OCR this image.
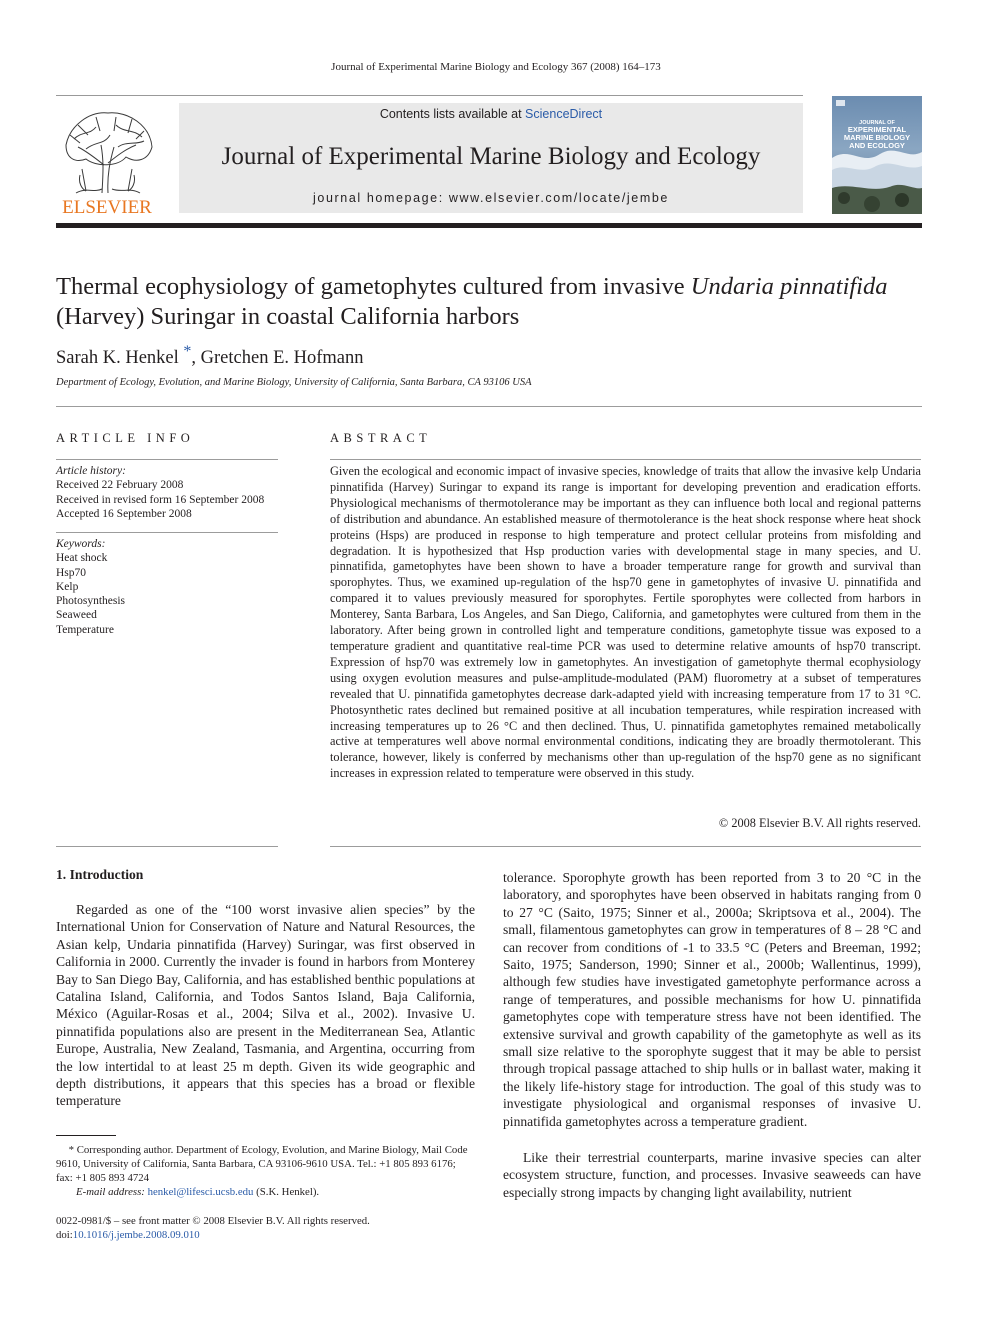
Journal of Experimental Marine Biology and Ecology 367 (2008) 164–173
ELSEVIER
Contents lists available at ScienceDirect
Journal of Experimental Marine Biology and Ecology
journal homepage: www.elsevier.com/locate/jembe
JOURNAL OF
EXPERIMENTAL
MARINE BIOLOGY
AND ECOLOGY
Thermal ecophysiology of gametophytes cultured from invasive Undaria pinnatifida
(Harvey) Suringar in coastal California harbors
Sarah K. Henkel *, Gretchen E. Hofmann
Department of Ecology, Evolution, and Marine Biology, University of California, Santa Barbara, CA 93106 USA
ARTICLE INFO
Article history:
Received 22 February 2008
Received in revised form 16 September 2008
Accepted 16 September 2008
Keywords:
Heat shock
Hsp70
Kelp
Photosynthesis
Seaweed
Temperature
ABSTRACT
Given the ecological and economic impact of invasive species, knowledge of traits that allow the invasive kelp Undaria pinnatifida (Harvey) Suringar to expand its range is important for developing prevention and eradication efforts. Physiological mechanisms of thermotolerance may be important as they can influence both local and regional patterns of distribution and abundance. An established measure of thermotolerance is the heat shock response where heat shock proteins (Hsps) are produced in response to high temperature and protect cellular proteins from misfolding and degradation. It is hypothesized that Hsp production varies with developmental stage in many species, and U. pinnatifida, gametophytes have been shown to have a broader temperature range for growth and survival than sporophytes. Thus, we examined up-regulation of the hsp70 gene in gametophytes of invasive U. pinnatifida and compared it to values previously measured for sporophytes. Fertile sporophytes were collected from harbors in Monterey, Santa Barbara, Los Angeles, and San Diego, California, and gametophytes were cultured from them in the laboratory. After being grown in controlled light and temperature conditions, gametophyte tissue was exposed to a temperature gradient and quantitative real-time PCR was used to determine relative amounts of hsp70 transcript. Expression of hsp70 was extremely low in gametophytes. An investigation of gametophyte thermal ecophysiology using oxygen evolution measures and pulse-amplitude-modulated (PAM) fluorometry at a subset of temperatures revealed that U. pinnatifida gametophytes decrease dark-adapted yield with increasing temperature from 17 to 31 °C. Photosynthetic rates declined but remained positive at all incubation temperatures, while respiration increased with increasing temperatures up to 26 °C and then declined. Thus, U. pinnatifida gametophytes remained metabolically active at temperatures well above normal environmental conditions, indicating they are broadly thermotolerant. This tolerance, however, likely is conferred by mechanisms other than up-regulation of the hsp70 gene as no significant increases in expression related to temperature were observed in this study.
© 2008 Elsevier B.V. All rights reserved.
1. Introduction
Regarded as one of the “100 worst invasive alien species” by the International Union for Conservation of Nature and Natural Resources, the Asian kelp, Undaria pinnatifida (Harvey) Suringar, was first observed in California in 2000. Currently the invader is found in harbors from Monterey Bay to San Diego Bay, California, and has established benthic populations at Catalina Island, California, and Todos Santos Island, Baja California, México (Aguilar-Rosas et al., 2004; Silva et al., 2002). Invasive U. pinnatifida populations also are present in the Mediterranean Sea, Atlantic Europe, Australia, New Zealand, Tasmania, and Argentina, occurring from the low intertidal to at least 25 m depth. Given its wide geographic and depth distributions, it appears that this species has a broad or flexible temperature
tolerance. Sporophyte growth has been reported from 3 to 20 °C in the laboratory, and sporophytes have been observed in habitats ranging from 0 to 27 °C (Saito, 1975; Sinner et al., 2000a; Skriptsova et al., 2004). The small, filamentous gametophytes can grow in temperatures of 8 – 28 °C and can recover from conditions of -1 to 33.5 °C (Peters and Breeman, 1992; Saito, 1975; Sanderson, 1990; Sinner et al., 2000b; Wallentinus, 1999), although few studies have investigated gametophyte performance across a range of temperatures, and possible mechanisms for how U. pinnatifida gametophytes cope with temperature stress have not been identified. The extensive survival and growth capability of the gametophyte as well as its small size relative to the sporophyte suggest that it may be able to persist through tropical passage attached to ship hulls or in ballast water, making it the likely life-history stage for introduction. The goal of this study was to investigate physiological and organismal responses of invasive U. pinnatifida gametophytes across a temperature gradient.
Like their terrestrial counterparts, marine invasive species can alter ecosystem structure, function, and processes. Invasive seaweeds can have especially strong impacts by changing light availability, nutrient
* Corresponding author. Department of Ecology, Evolution, and Marine Biology, Mail Code 9610, University of California, Santa Barbara, CA 93106-9610 USA. Tel.: +1 805 893 6176; fax: +1 805 893 4724
E-mail address: henkel@lifesci.ucsb.edu (S.K. Henkel).
0022-0981/$ – see front matter © 2008 Elsevier B.V. All rights reserved.
doi:10.1016/j.jembe.2008.09.010
